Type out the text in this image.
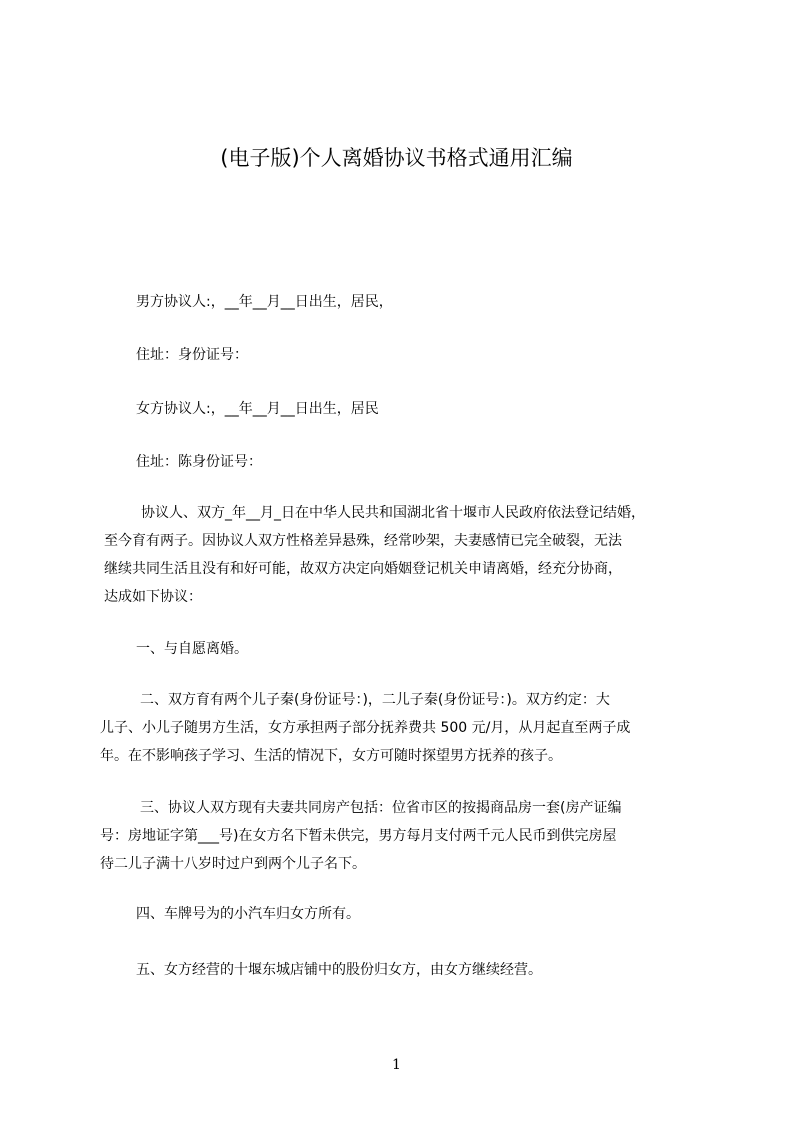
(电子版)个人离婚协议书格式通用汇编

男方协议人:，__年__月__日出生，居民，

住址：身份证号：

女方协议人:，__年__月__日出生，居民

住址：陈身份证号：

协议人、双方_年__月_日在中华人民共和国湖北省十堰市人民政府依法登记结婚，
至今育有两子。因协议人双方性格差异悬殊，经常吵架，夫妻感情已完全破裂，无法
继续共同生活且没有和好可能，故双方决定向婚姻登记机关申请离婚，经充分协商，
达成如下协议：

一、与自愿离婚。

二、双方育有两个儿子秦(身份证号：)，二儿子秦(身份证号：)。双方约定：大
儿子、小儿子随男方生活，女方承担两子部分抚养费共 500 元/月，从月起直至两子成
年。在不影响孩子学习、生活的情况下，女方可随时探望男方抚养的孩子。
三、协议人双方现有夫妻共同房产包括：位省市区的按揭商品房一套(房产证编
号：房地证字第___号)在女方名下暂未供完，男方每月支付两千元人民币到供完房屋
待二儿子满十八岁时过户到两个儿子名下。

四、车牌号为的小汽车归女方所有。

五、女方经营的十堰东城店铺中的股份归女方，由女方继续经营。

1
